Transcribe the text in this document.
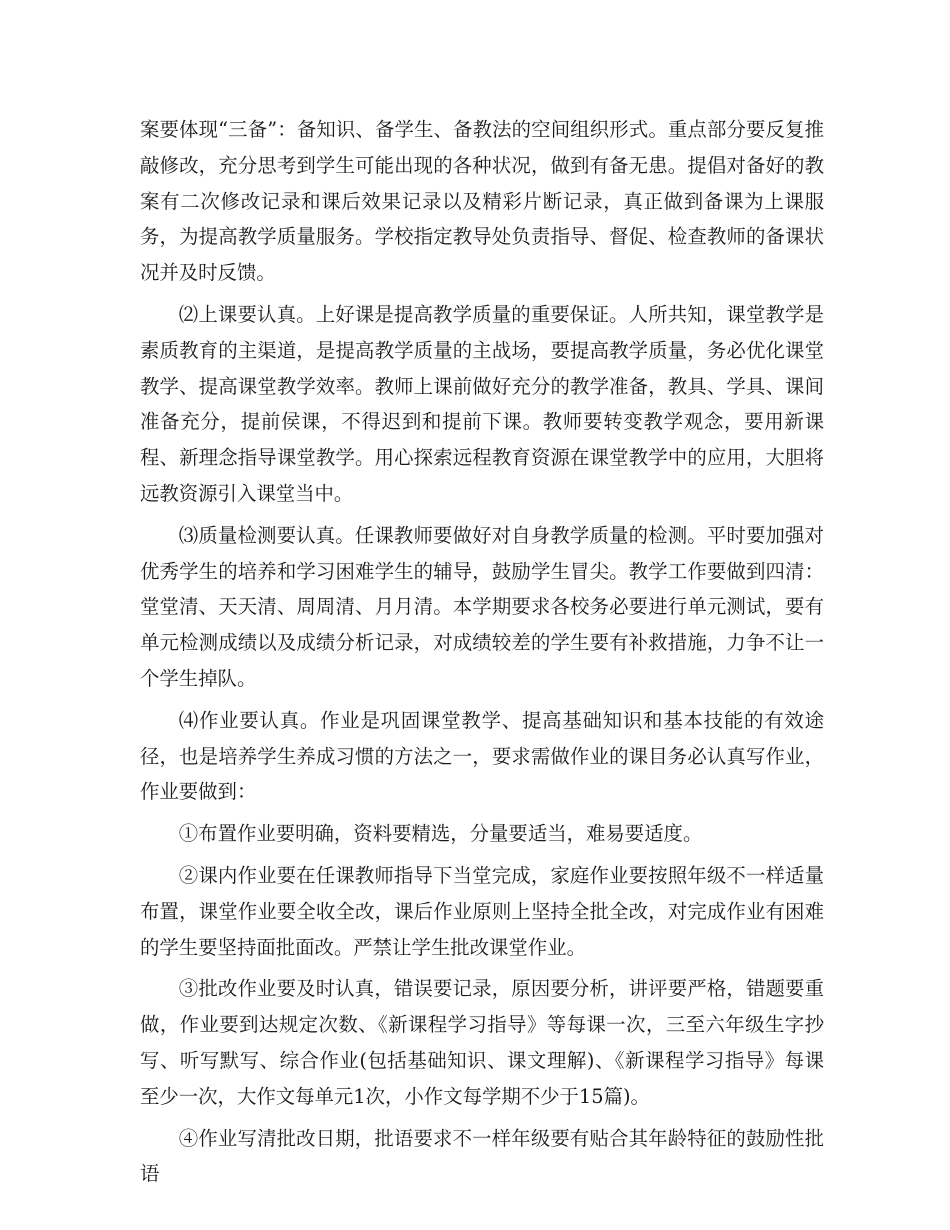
案要体现“三备”：备知识、备学生、备教法的空间组织形式。重点部分要反复推敲修改，充分思考到学生可能出现的各种状况，做到有备无患。提倡对备好的教案有二次修改记录和课后效果记录以及精彩片断记录，真正做到备课为上课服务，为提高教学质量服务。学校指定教导处负责指导、督促、检查教师的备课状况并及时反馈。

⑵上课要认真。上好课是提高教学质量的重要保证。人所共知，课堂教学是素质教育的主渠道，是提高教学质量的主战场，要提高教学质量，务必优化课堂教学、提高课堂教学效率。教师上课前做好充分的教学准备，教具、学具、课间准备充分，提前侯课，不得迟到和提前下课。教师要转变教学观念，要用新课程、新理念指导课堂教学。用心探索远程教育资源在课堂教学中的应用，大胆将远教资源引入课堂当中。

⑶质量检测要认真。任课教师要做好对自身教学质量的检测。平时要加强对优秀学生的培养和学习困难学生的辅导，鼓励学生冒尖。教学工作要做到四清：堂堂清、天天清、周周清、月月清。本学期要求各校务必要进行单元测试，要有单元检测成绩以及成绩分析记录，对成绩较差的学生要有补救措施，力争不让一个学生掉队。

⑷作业要认真。作业是巩固课堂教学、提高基础知识和基本技能的有效途径，也是培养学生养成习惯的方法之一，要求需做作业的课目务必认真写作业，作业要做到：

①布置作业要明确，资料要精选，分量要适当，难易要适度。

②课内作业要在任课教师指导下当堂完成，家庭作业要按照年级不一样适量布置，课堂作业要全收全改，课后作业原则上坚持全批全改，对完成作业有困难的学生要坚持面批面改。严禁让学生批改课堂作业。

③批改作业要及时认真，错误要记录，原因要分析，讲评要严格，错题要重做，作业要到达规定次数、《新课程学习指导》等每课一次，三至六年级生字抄写、听写默写、综合作业(包括基础知识、课文理解)、《新课程学习指导》每课至少一次，大作文每单元1次，小作文每学期不少于15篇)。

④作业写清批改日期，批语要求不一样年级要有贴合其年龄特征的鼓励性批语
